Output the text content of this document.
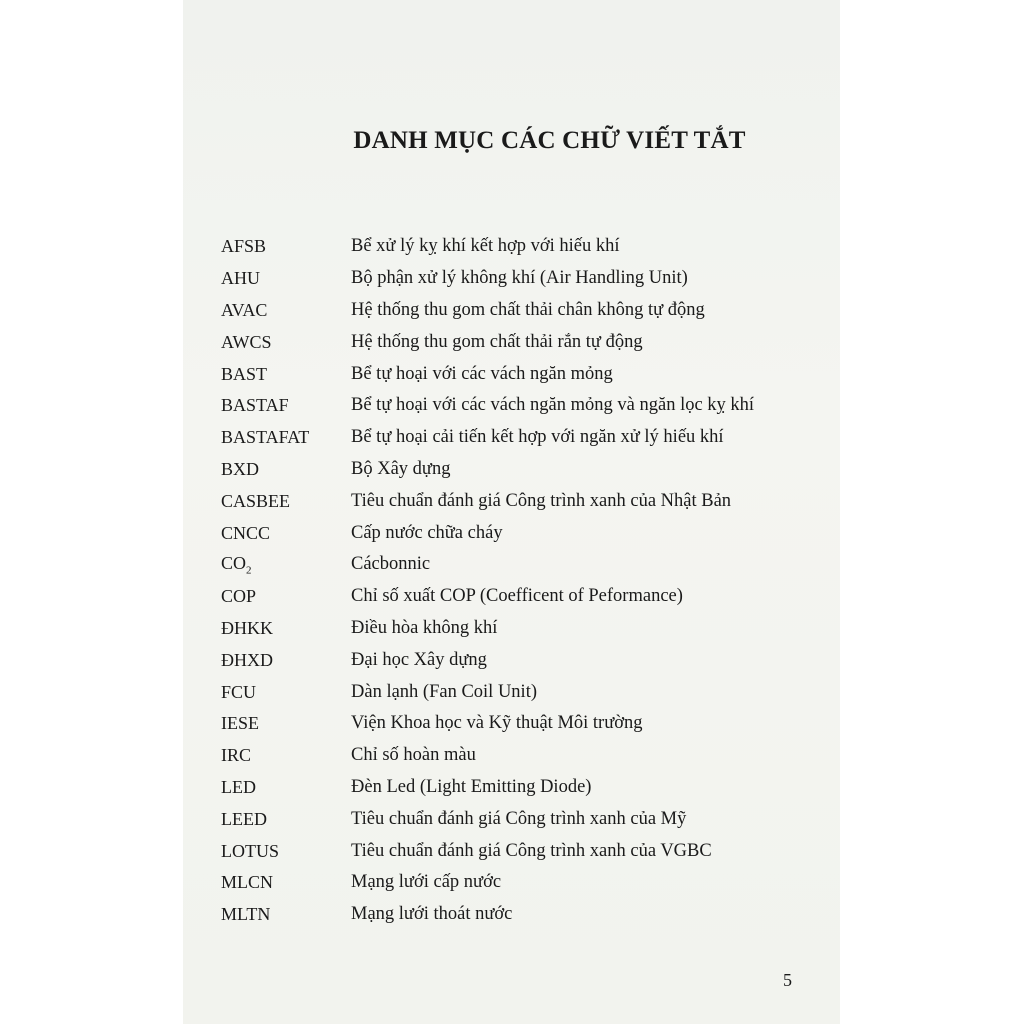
DANH MỤC CÁC CHỮ VIẾT TẮT
AFSB	Bể xử lý kỵ khí kết hợp với hiếu khí
AHU	Bộ phận xử lý không khí (Air Handling Unit)
AVAC	Hệ thống thu gom chất thải chân không tự động
AWCS	Hệ thống thu gom chất thải rắn tự động
BAST	Bể tự hoại với các vách ngăn mỏng
BASTAF	Bể tự hoại với các vách ngăn mỏng và ngăn lọc kỵ khí
BASTAFAT	Bể tự hoại cải tiến kết hợp với ngăn xử lý hiếu khí
BXD	Bộ Xây dựng
CASBEE	Tiêu chuẩn đánh giá Công trình xanh của Nhật Bản
CNCC	Cấp nước chữa cháy
$CO_2$	Cácbonnic
COP	Chỉ số xuất COP (Coefficent of Peformance)
ĐHKK	Điều hòa không khí
ĐHXD	Đại học Xây dựng
FCU	Dàn lạnh (Fan Coil Unit)
IESE	Viện Khoa học và Kỹ thuật Môi trường
IRC	Chỉ số hoàn màu
LED	Đèn Led (Light Emitting Diode)
LEED	Tiêu chuẩn đánh giá Công trình xanh của Mỹ
LOTUS	Tiêu chuẩn đánh giá Công trình xanh của VGBC
MLCN	Mạng lưới cấp nước
MLTN	Mạng lưới thoát nước
5
